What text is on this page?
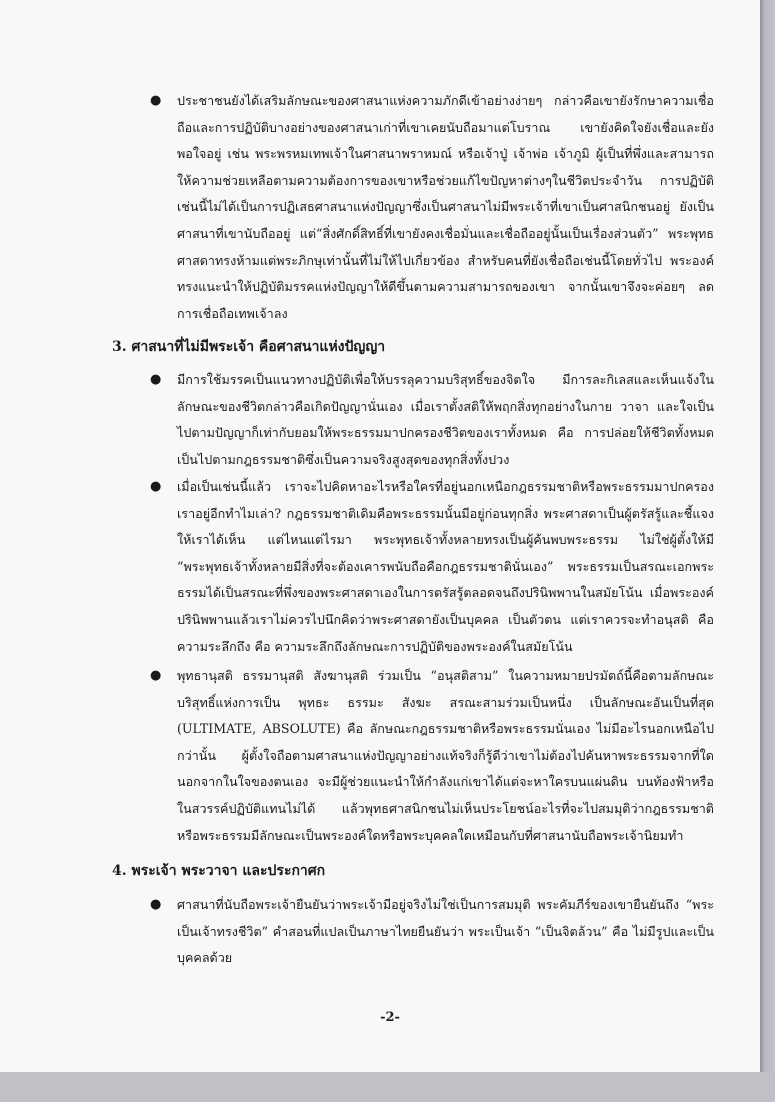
● ประชาชนยังได้เสริมลักษณะของศาสนาแห่งความภักดีเข้าอย่างง่ายๆ กล่าวคือเขายังรักษาความเชื่อถือและการปฏิบัติบางอย่างของศาสนาเก่าที่เขาเคยนับถือมาแต่โบราณ เขายังคิดใจยังเชื่อและยังพอใจอยู่ เช่น พระพรหมเทพเจ้าในศาสนาพราหมณ์ หรือเจ้าปู่ เจ้าพ่อ เจ้าภูมิ ผู้เป็นที่พึ่งและสามารถให้ความช่วยเหลือตามความต้องการของเขาหรือช่วยแก้ไขปัญหาต่างๆในชีวิตประจำวัน การปฏิบัติเช่นนี้ไม่ได้เป็นการปฏิเสธศาสนาแห่งปัญญาซึ่งเป็นศาสนาไม่มีพระเจ้าที่เขาเป็นศาสนิกชนอยู่ ยังเป็นศาสนาที่เขานับถืออยู่ แต่“สิ่งศักดิ์สิทธิ์ที่เขายังคงเชื่อมั่นและเชื่อถืออยู่นั้นเป็นเรื่องส่วนตัว” พระพุทธศาสดาทรงห้ามแต่พระภิกษุเท่านั้นที่ไม่ให้ไปเกี่ยวข้อง สำหรับคนที่ยังเชื่อถือเช่นนี้โดยทั่วไป พระองค์ทรงแนะนำให้ปฏิบัติมรรคแห่งปัญญาให้ดีขึ้นตามความสามารถของเขา จากนั้นเขาจึงจะค่อยๆ ลดการเชื่อถือเทพเจ้าลง
3. ศาสนาที่ไม่มีพระเจ้า คือศาสนาแห่งปัญญา
● มีการใช้มรรคเป็นแนวทางปฏิบัติเพื่อให้บรรลุความบริสุทธิ์ของจิตใจ มีการละกิเลสและเห็นแจ้งในลักษณะของชีวิตกล่าวคือเกิดปัญญานั่นเอง เมื่อเราตั้งสติให้พฤกสิ่งทุกอย่างในกาย วาจา และใจเป็นไปตามปัญญาก็เท่ากับยอมให้พระธรรมมาปกครองชีวิตของเราทั้งหมด คือ การปล่อยให้ชีวิตทั้งหมดเป็นไปตามกฎธรรมชาติซึ่งเป็นความจริงสูงสุดของทุกสิ่งทั้งปวง
● เมื่อเป็นเช่นนี้แล้ว เราจะไปคิดหาอะไรหรือใครที่อยู่นอกเหนือกฎธรรมชาติหรือพระธรรมมาปกครองเราอยู่อีกทำไมเล่า? กฎธรรมชาติเดิมคือพระธรรมนั้นมีอยู่ก่อนทุกสิ่ง พระศาสดาเป็นผู้ตรัสรู้และชี้แจงให้เราได้เห็น แต่ไหนแต่ไรมา พระพุทธเจ้าทั้งหลายทรงเป็นผู้ค้นพบพระธรรม ไม่ใช่ผู้ตั้งให้มี “พระพุทธเจ้าทั้งหลายมีสิ่งที่จะต้องเคารพนับถือคือกฎธรรมชาตินั่นเอง” พระธรรมเป็นสรณะเอกพระธรรมได้เป็นสรณะที่พึ่งของพระศาสดาเองในการตรัสรู้ตลอดจนถึงปรินิพพานในสมัยโน้น เมื่อพระองค์ปรินิพพานแล้วเราไม่ควรไปนึกคิดว่าพระศาสดายังเป็นบุคคล เป็นตัวตน แต่เราควรจะทำอนุสติ คือ ความระลึกถึง คือ ความระลึกถึงลักษณะการปฏิบัติของพระองค์ในสมัยโน้น
● พุทธานุสติ ธรรมานุสติ สังฆานุสติ ร่วมเป็น “อนุสติสาม” ในความหมายปรมัตถ์นี้คือตามลักษณะบริสุทธิ์แห่งการเป็น พุทธะ ธรรมะ สังฆะ สรณะสามร่วมเป็นหนึ่ง เป็นลักษณะอันเป็นที่สุด (ULTIMATE, ABSOLUTE) คือ ลักษณะกฎธรรมชาติหรือพระธรรมนั่นเอง ไม่มีอะไรนอกเหนือไปกว่านั้น ผู้ตั้งใจถือตามศาสนาแห่งปัญญาอย่างแท้จริงก็รู้ดีว่าเขาไม่ต้องไปค้นหาพระธรรมจากที่ใดนอกจากในใจของตนเอง จะมีผู้ช่วยแนะนำให้กำลังแก่เขาได้แต่จะหาใครบนแผ่นดิน บนท้องฟ้าหรือในสวรรค์ปฏิบัติแทนไม่ได้ แล้วพุทธศาสนิกชนไม่เห็นประโยชน์อะไรที่จะไปสมมุติว่ากฎธรรมชาติหรือพระธรรมมีลักษณะเป็นพระองค์ใดหรือพระบุคคลใดเหมือนกับที่ศาสนานับถือพระเจ้านิยมทำ
4. พระเจ้า พระวาจา และประกาศก
● ศาสนาที่นับถือพระเจ้ายืนยันว่าพระเจ้ามีอยู่จริงไม่ใช่เป็นการสมมุติ พระคัมภีร์ของเขายืนยันถึง “พระเป็นเจ้าทรงชีวิต” คำสอนที่แปลเป็นภาษาไทยยืนยันว่า พระเป็นเจ้า “เป็นจิตล้วน” คือ ไม่มีรูปและเป็นบุคคลด้วย
-2-
